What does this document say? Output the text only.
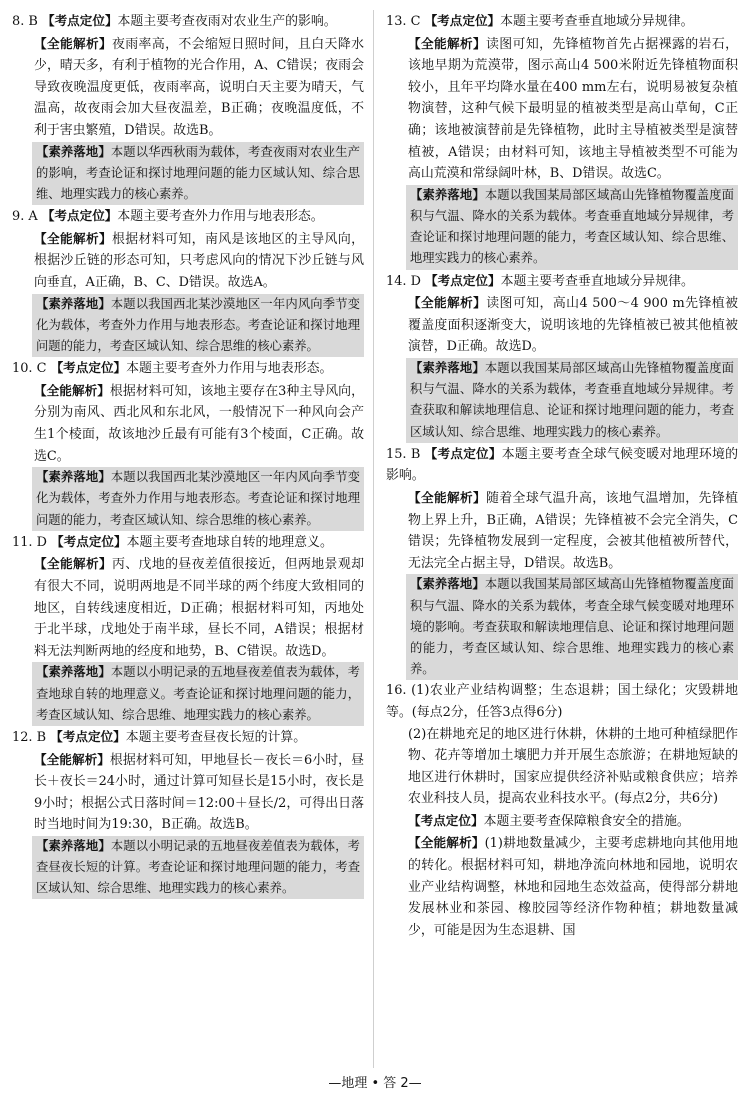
8. B 【考点定位】本题主要考查夜雨对农业生产的影响。

【全能解析】夜雨率高，不会缩短日照时间，且白天降水少，晴天多，有利于植物的光合作用，A、C错误；夜雨会导致夜晚温度更低，夜雨率高，说明白天主要为晴天，气温高，故夜雨会加大昼夜温差，B正确；夜晚温度低，不利于害虫繁殖，D错误。故选B。

【素养落地】本题以华西秋雨为载体，考查夜雨对农业生产的影响，考查论证和探讨地理问题的能力区域认知、综合思维、地理实践力的核心素养。

9. A 【考点定位】本题主要考查外力作用与地表形态。

【全能解析】根据材料可知，南风是该地区的主导风向，根据沙丘链的形态可知，只考虑风向的情况下沙丘链与风向垂直，A正确，B、C、D错误。故选A。

【素养落地】本题以我国西北某沙漠地区一年内风向季节变化为载体，考查外力作用与地表形态。考查论证和探讨地理问题的能力，考查区域认知、综合思维的核心素养。

10. C 【考点定位】本题主要考查外力作用与地表形态。

【全能解析】根据材料可知，该地主要存在3种主导风向，分别为南风、西北风和东北风，一般情况下一种风向会产生1个棱面，故该地沙丘最有可能有3个棱面，C正确。故选C。

【素养落地】本题以我国西北某沙漠地区一年内风向季节变化为载体，考查外力作用与地表形态。考查论证和探讨地理问题的能力，考查区域认知、综合思维的核心素养。

11. D 【考点定位】本题主要考查地球自转的地理意义。

【全能解析】丙、戊地的昼夜差值很接近，但两地景观却有很大不同，说明两地是不同半球的两个纬度大致相同的地区，自转线速度相近，D正确；根据材料可知，丙地处于北半球，戊地处于南半球，昼长不同，A错误；根据材料无法判断两地的经度和地势，B、C错误。故选D。

【素养落地】本题以小明记录的五地昼夜差值表为载体，考查地球自转的地理意义。考查论证和探讨地理问题的能力，考查区域认知、综合思维、地理实践力的核心素养。

12. B 【考点定位】本题主要考查昼夜长短的计算。

【全能解析】根据材料可知，甲地昼长－夜长＝6小时，昼长＋夜长＝24小时，通过计算可知昼长是15小时，夜长是9小时；根据公式日落时间＝12:00＋昼长/2，可得出日落时当地时间为19:30，B正确。故选B。

【素养落地】本题以小明记录的五地昼夜差值表为载体，考查昼夜长短的计算。考查论证和探讨地理问题的能力，考查区域认知、综合思维、地理实践力的核心素养。

13. C 【考点定位】本题主要考查垂直地域分异规律。

【全能解析】读图可知，先锋植物首先占据裸露的岩石，该地早期为荒漠带，图示高山4 500米附近先锋植物面积较小，且年平均降水量在400 mm左右，说明易被复杂植物演替，这种气候下最明显的植被类型是高山草甸，C正确；该地被演替前是先锋植物，此时主导植被类型是演替植被，A错误；由材料可知，该地主导植被类型不可能为高山荒漠和常绿阔叶林，B、D错误。故选C。

【素养落地】本题以我国某局部区域高山先锋植物覆盖度面积与气温、降水的关系为载体。考查垂直地域分异规律，考查论证和探讨地理问题的能力，考查区域认知、综合思维、地理实践力的核心素养。

14. D 【考点定位】本题主要考查垂直地域分异规律。

【全能解析】读图可知，高山4 500～4 900 m先锋植被覆盖度面积逐渐变大，说明该地的先锋植被已被其他植被演替，D正确。故选D。

【素养落地】本题以我国某局部区域高山先锋植物覆盖度面积与气温、降水的关系为载体，考查垂直地域分异规律。考查获取和解读地理信息、论证和探讨地理问题的能力，考查区域认知、综合思维、地理实践力的核心素养。

15. B 【考点定位】本题主要考查全球气候变暖对地理环境的影响。

【全能解析】随着全球气温升高，该地气温增加，先锋植物上界上升，B正确，A错误；先锋植被不会完全消失，C错误；先锋植物发展到一定程度，会被其他植被所替代，无法完全占据主导，D错误。故选B。

【素养落地】本题以我国某局部区域高山先锋植物覆盖度面积与气温、降水的关系为载体，考查全球气候变暖对地理环境的影响。考查获取和解读地理信息、论证和探讨地理问题的能力，考查区域认知、综合思维、地理实践力的核心素养。

16. (1)农业产业结构调整；生态退耕；国土绿化；灾毁耕地等。(每点2分，任答3点得6分)

(2)在耕地充足的地区进行休耕，休耕的土地可种植绿肥作物、花卉等增加土壤肥力并开展生态旅游；在耕地短缺的地区进行休耕时，国家应提供经济补贴或粮食供应；培养农业科技人员，提高农业科技水平。(每点2分，共6分)

【考点定位】本题主要考查保障粮食安全的措施。

【全能解析】(1)耕地数量减少，主要考虑耕地向其他用地的转化。根据材料可知，耕地净流向林地和园地，说明农业产业结构调整，林地和园地生态效益高，使得部分耕地发展林业和茶园、橡胶园等经济作物种植；耕地数量减少，可能是因为生态退耕、国

—地理 • 答 2—
